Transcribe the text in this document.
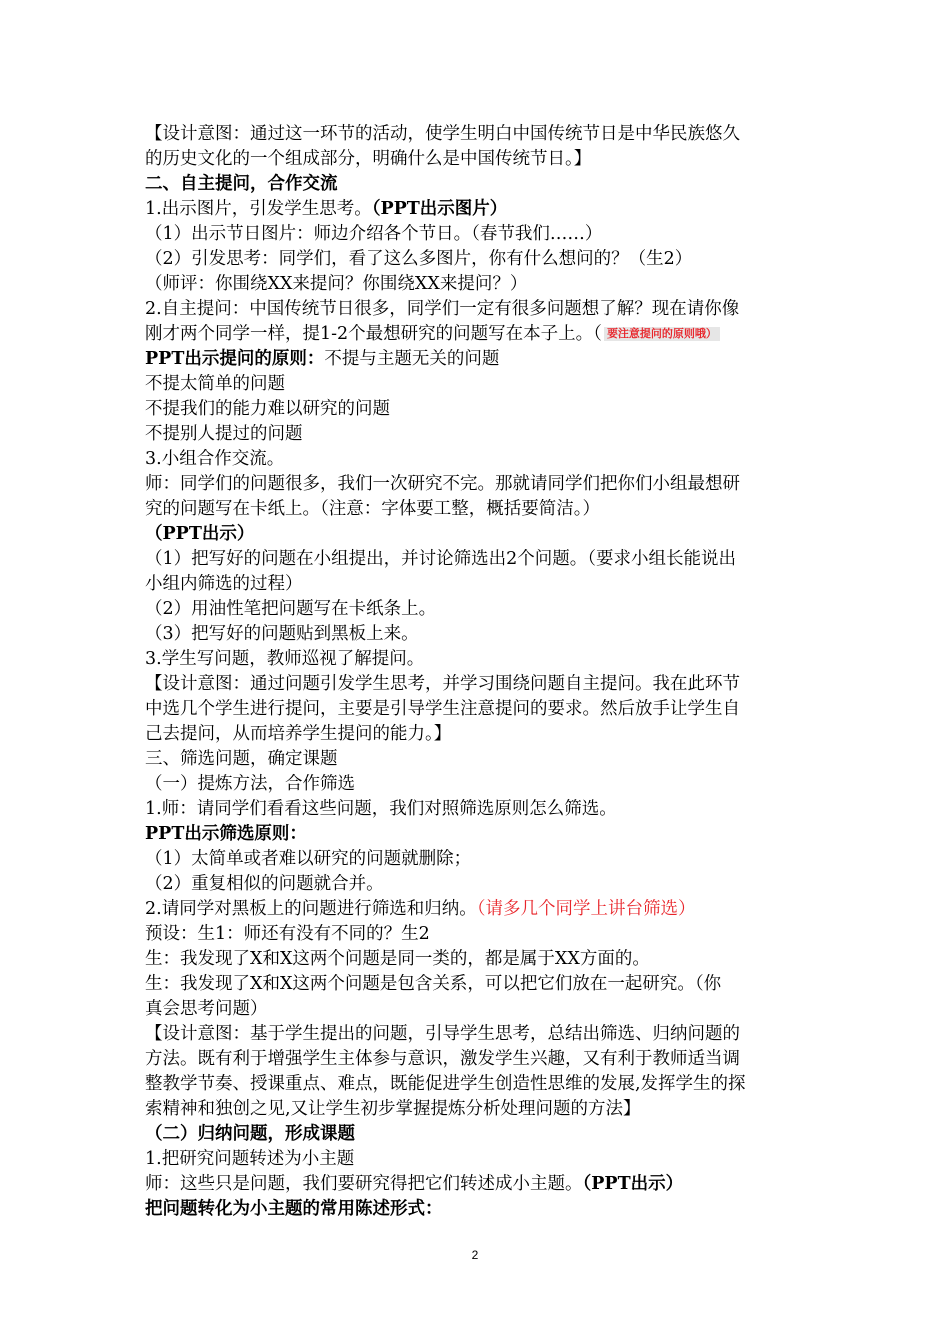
【设计意图：通过这一环节的活动，使学生明白中国传统节日是中华民族悠久

的历史文化的一个组成部分，明确什么是中国传统节日。】

二、自主提问，合作交流

1.出示图片，引发学生思考。（PPT出示图片）

（1）出示节日图片：师边介绍各个节日。（春节我们……）

（2）引发思考：同学们，看了这么多图片，你有什么想问的？（生2）

（师评：你围绕XX来提问？你围绕XX来提问？）

2.自主提问：中国传统节日很多，同学们一定有很多问题想了解？现在请你像

刚才两个同学一样，提1-2个最想研究的问题写在本子上。（ 要注意提问的原则哦）

PPT出示提问的原则：不提与主题无关的问题

不提太简单的问题

不提我们的能力难以研究的问题

不提别人提过的问题

3.小组合作交流。

师：同学们的问题很多，我们一次研究不完。那就请同学们把你们小组最想研

究的问题写在卡纸上。（注意：字体要工整，概括要简洁。）

（PPT出示）

（1）把写好的问题在小组提出，并讨论筛选出2个问题。（要求小组长能说出

小组内筛选的过程）

（2）用油性笔把问题写在卡纸条上。

（3）把写好的问题贴到黑板上来。

3.学生写问题，教师巡视了解提问。

【设计意图：通过问题引发学生思考，并学习围绕问题自主提问。我在此环节

中选几个学生进行提问，主要是引导学生注意提问的要求。然后放手让学生自

己去提问，从而培养学生提问的能力。】

三、筛选问题，确定课题

（一）提炼方法，合作筛选

1.师：请同学们看看这些问题，我们对照筛选原则怎么筛选。

PPT出示筛选原则：

（1）太简单或者难以研究的问题就删除；

（2）重复相似的问题就合并。

2.请同学对黑板上的问题进行筛选和归纳。（请多几个同学上讲台筛选）

预设：生1：师还有没有不同的？生2

生：我发现了X和X这两个问题是同一类的，都是属于XX方面的。

生：我发现了X和X这两个问题是包含关系，可以把它们放在一起研究。（你

真会思考问题）

【设计意图：基于学生提出的问题，引导学生思考，总结出筛选、归纳问题的

方法。既有利于增强学生主体参与意识，激发学生兴趣，又有利于教师适当调

整教学节奏、授课重点、难点，既能促进学生创造性思维的发展,发挥学生的探

索精神和独创之见,又让学生初步掌握提炼分析处理问题的方法】

（二）归纳问题，形成课题

1.把研究问题转述为小主题

师：这些只是问题，我们要研究得把它们转述成小主题。（PPT出示）

把问题转化为小主题的常用陈述形式：

2
